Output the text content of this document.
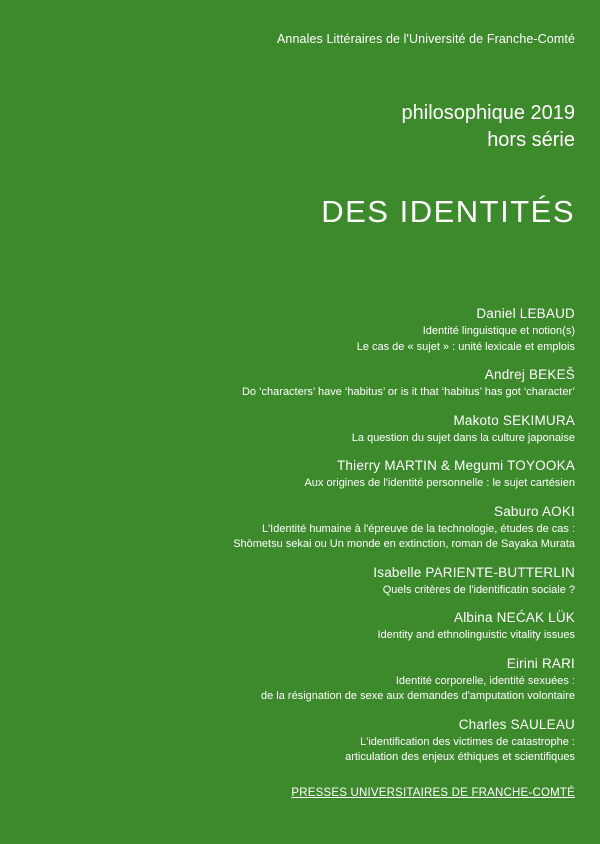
Annales Littéraires de l'Université de Franche-Comté
philosophique 2019
hors série
DES IDENTITÉS
Daniel LEBAUD
Identité linguistique et notion(s)
Le cas de « sujet » : unité lexicale et emplois
Andrej BEKEŠ
Do ‘characters’ have ‘habitus’ or is it that ‘habitus’ has got ‘character’
Makoto SEKIMURA
La question du sujet dans la culture japonaise
Thierry MARTIN & Megumi TOYOOKA
Aux origines de l'identité personnelle : le sujet cartésien
Saburo AOKI
L'Identité humaine à l'épreuve de la technologie, études de cas :
Shōmetsu sekai ou Un monde en extinction, roman de Sayaka Murata
Isabelle PARIENTE-BUTTERLIN
Quels critères de l'identificatin sociale ?
Albina NEĆAK LÜK
Identity and ethnolinguistic vitality issues
Eirini RARI
Identité corporelle, identité sexuées :
de la résignation de sexe aux demandes d'amputation volontaire
Charles SAULEAU
L'identification des victimes de catastrophe :
articulation des enjeux éthiques et scientifiques
PRESSES UNIVERSITAIRES DE FRANCHE-COMTÉ
